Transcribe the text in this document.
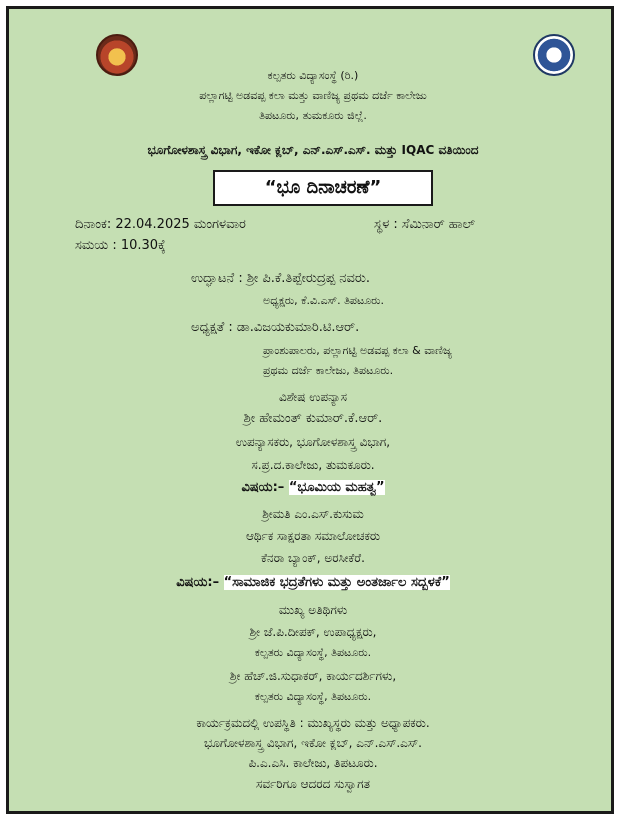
ಕಲ್ಪತರು ವಿದ್ಯಾಸಂಸ್ಥೆ (ರಿ.)
ಪಲ್ಲಾಗಟ್ಟಿ ಅಡವಪ್ಪ ಕಲಾ ಮತ್ತು ವಾಣಿಜ್ಯ ಪ್ರಥಮ ದರ್ಜೆ ಕಾಲೇಜು
ತಿಪಟೂರು, ತುಮಕೂರು ಜಿಲ್ಲೆ.
ಭೂಗೋಳಶಾಸ್ತ್ರ ವಿಭಾಗ, ಇಕೋ ಕ್ಲಬ್, ಎನ್.ಎಸ್.ಎಸ್. ಮತ್ತು IQAC ವತಿಯಿಂದ
“ಭೂ ದಿನಾಚರಣೆ”
ದಿನಾಂಕ: 22.04.2025 ಮಂಗಳವಾರ	ಸ್ಥಳ : ಸೆಮಿನಾರ್ ಹಾಲ್
ಸಮಯ : 10.30ಕ್ಕೆ
ಉದ್ಘಾಟನೆ : ಶ್ರೀ ಪಿ.ಕೆ.ತಿಪ್ಪೇರುದ್ರಪ್ಪ ನವರು.
ಅಧ್ಯಕ್ಷರು, ಕೆ.ವಿ.ಎಸ್. ತಿಪಟೂರು.
ಅಧ್ಯಕ್ಷತೆ : ಡಾ.ವಿಜಯಕುಮಾರಿ.ಟಿ.ಆರ್.
ಪ್ರಾಂಶುಪಾಲರು, ಪಲ್ಲಾಗಟ್ಟಿ ಅಡವಪ್ಪ ಕಲಾ & ವಾಣಿಜ್ಯ
ಪ್ರಥಮ ದರ್ಜೆ ಕಾಲೇಜು, ತಿಪಟೂರು.
ವಿಶೇಷ ಉಪನ್ಯಾಸ
ಶ್ರೀ ಹೇಮಂತ್ ಕುಮಾರ್.ಕೆ.ಆರ್.
ಉಪನ್ಯಾಸಕರು, ಭೂಗೋಳಶಾಸ್ತ್ರ ವಿಭಾಗ,
ಸ.ಪ್ರ.ದ.ಕಾಲೇಜು, ತುಮಕೂರು.
ವಿಷಯ:– “ಭೂಮಿಯ ಮಹತ್ವ”
ಶ್ರೀಮತಿ ಎಂ.ಎಸ್.ಕುಸುಮ
ಆರ್ಥಿಕ ಸಾಕ್ಷರತಾ ಸಮಾಲೋಚಕರು
ಕೆನರಾ ಬ್ಯಾಂಕ್, ಅರಸೀಕೆರೆ.
ವಿಷಯ:– “ಸಾಮಾಜಿಕ ಭದ್ರತೆಗಳು ಮತ್ತು ಅಂತರ್ಜಾಲ ಸದ್ಬಳಕೆ”
ಮುಖ್ಯ ಅತಿಥಿಗಳು
ಶ್ರೀ ಜೆ.ಪಿ.ದೀಪಕ್, ಉಪಾಧ್ಯಕ್ಷರು,
ಕಲ್ಪತರು ವಿದ್ಯಾಸಂಸ್ಥೆ, ತಿಪಟೂರು.
ಶ್ರೀ ಹೆಚ್.ಜಿ.ಸುಧಾಕರ್, ಕಾರ್ಯದರ್ಶಿಗಳು,
ಕಲ್ಪತರು ವಿದ್ಯಾಸಂಸ್ಥೆ, ತಿಪಟೂರು.
ಕಾರ್ಯಕ್ರಮದಲ್ಲಿ ಉಪಸ್ಥಿತಿ : ಮುಖ್ಯಸ್ಥರು ಮತ್ತು ಅಧ್ಯಾಪಕರು.
ಭೂಗೋಳಶಾಸ್ತ್ರ ವಿಭಾಗ, ಇಕೋ ಕ್ಲಬ್, ಎನ್.ಎಸ್.ಎಸ್.
ಪಿ.ಎ.ಎಸಿ. ಕಾಲೇಜು, ತಿಪಟೂರು.
ಸರ್ವರಿಗೂ ಆದರದ ಸುಸ್ವಾಗತ
